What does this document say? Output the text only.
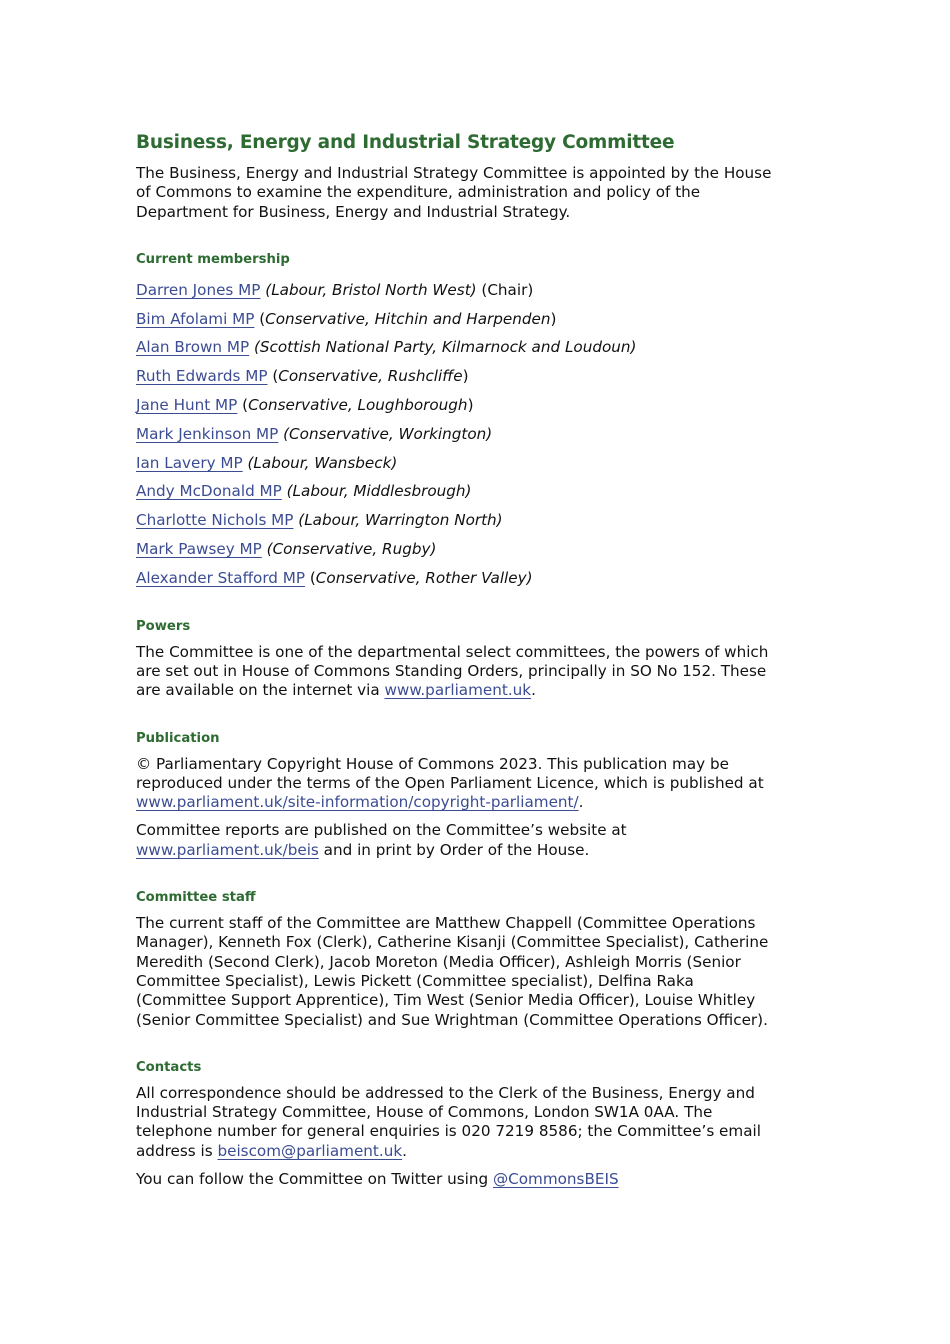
Business, Energy and Industrial Strategy Committee

The Business, Energy and Industrial Strategy Committee is appointed by the House of Commons to examine the expenditure, administration and policy of the Department for Business, Energy and Industrial Strategy.

Current membership
Darren Jones MP (Labour, Bristol North West) (Chair)
Bim Afolami MP (Conservative, Hitchin and Harpenden)
Alan Brown MP (Scottish National Party, Kilmarnock and Loudoun)
Ruth Edwards MP (Conservative, Rushcliffe)
Jane Hunt MP (Conservative, Loughborough)
Mark Jenkinson MP (Conservative, Workington)
Ian Lavery MP (Labour, Wansbeck)
Andy McDonald MP (Labour, Middlesbrough)
Charlotte Nichols MP (Labour, Warrington North)
Mark Pawsey MP (Conservative, Rugby)
Alexander Stafford MP (Conservative, Rother Valley)
Powers

The Committee is one of the departmental select committees, the powers of which are set out in House of Commons Standing Orders, principally in SO No 152. These are available on the internet via www.parliament.uk.

Publication

© Parliamentary Copyright House of Commons 2023. This publication may be reproduced under the terms of the Open Parliament Licence, which is published at www.parliament.uk/site-information/copyright-parliament/.

Committee reports are published on the Committee’s website at www.parliament.uk/beis and in print by Order of the House.

Committee staff

The current staff of the Committee are Matthew Chappell (Committee Operations Manager), Kenneth Fox (Clerk), Catherine Kisanji (Committee Specialist), Catherine Meredith (Second Clerk), Jacob Moreton (Media Officer), Ashleigh Morris (Senior Committee Specialist), Lewis Pickett (Committee specialist), Delfina Raka (Committee Support Apprentice), Tim West (Senior Media Officer), Louise Whitley (Senior Committee Specialist) and Sue Wrightman (Committee Operations Officer).

Contacts

All correspondence should be addressed to the Clerk of the Business, Energy and Industrial Strategy Committee, House of Commons, London SW1A 0AA. The telephone number for general enquiries is 020 7219 8586; the Committee’s email address is beiscom@parliament.uk.

You can follow the Committee on Twitter using @CommonsBEIS
